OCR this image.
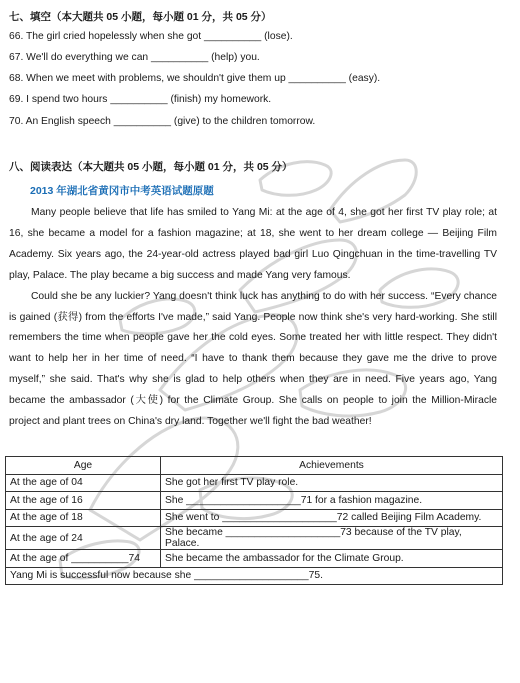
七、填空（本大题共 05 小题，每小题 01 分，共 05 分）
66. The girl cried hopelessly when she got __________ (lose).
67. We'll do everything we can __________ (help) you.
68. When we meet with problems, we shouldn't give them up __________ (easy).
69. I spend two hours __________ (finish) my homework.
70. An English speech __________ (give) to the children tomorrow.
八、阅读表达（本大题共 05 小题，每小题 01 分，共 05 分）
2013 年湖北省黄冈市中考英语试题原题

Many people believe that life has smiled to Yang Mi: at the age of 4, she got her first TV play role; at 16, she became a model for a fashion magazine; at 18, she went to her dream college — Beijing Film Academy. Six years ago, the 24-year-old actress played bad girl Luo Qingchuan in the time-travelling TV play, Palace. The play became a big success and made Yang very famous.

Could she be any luckier? Yang doesn't think luck has anything to do with her success. “Every chance is gained (获得) from the efforts I've made,” said Yang. People now think she's very hard-working. She still remembers the time when people gave her the cold eyes. Some treated her with little respect. They didn't want to help her in her time of need. “I have to thank them because they gave me the drive to prove myself,” she said. That's why she is glad to help others when they are in need. Five years ago, Yang became the ambassador (大使) for the Climate Group. She calls on people to join the Million-Miracle project and plant trees on China's dry land. Together we'll fight the bad weather!

Age	Achievements
At the age of 04	She got her first TV play role.
At the age of 16	She ____________________71 for a fashion magazine.
At the age of 18	She went to ____________________72 called Beijing Film Academy.
At the age of 24	She became ____________________73 because of the TV play, Palace.
At the age of __________74	She became the ambassador for the Climate Group.
Yang Mi is successful now because she ____________________75.	
